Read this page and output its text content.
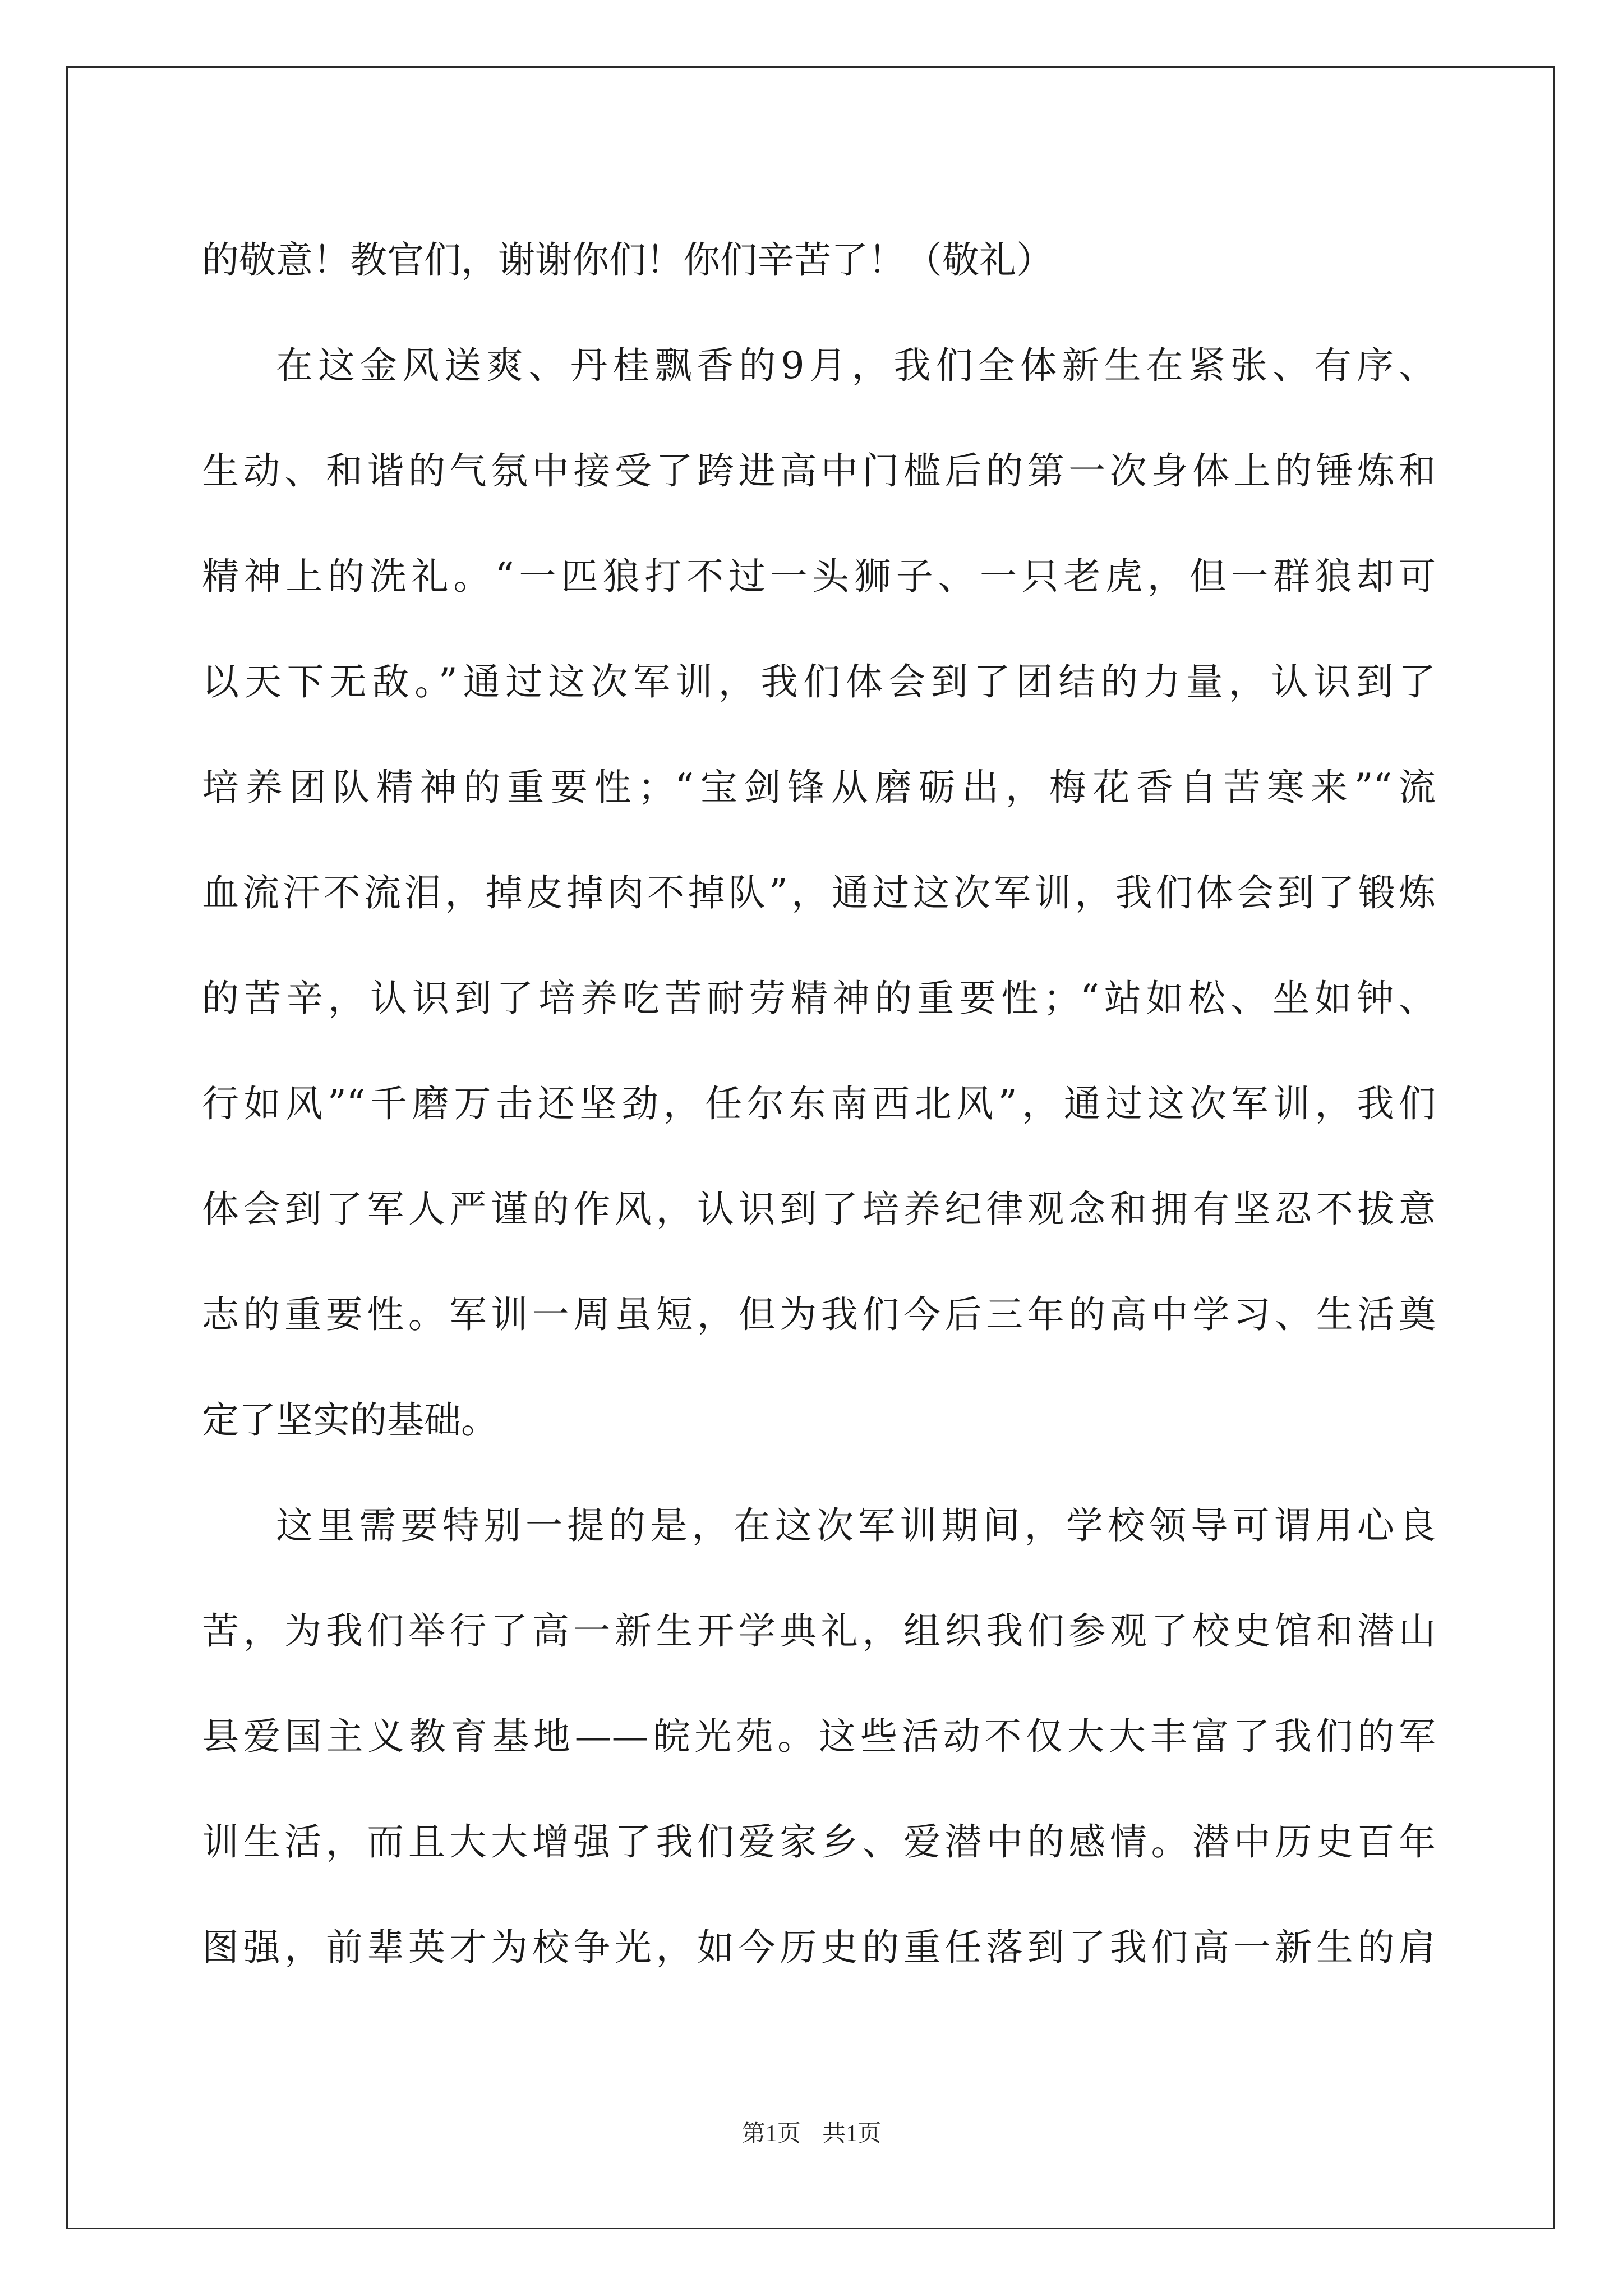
的敬意！教官们，谢谢你们！你们辛苦了！（敬礼）
在这金风送爽、丹桂飘香的9月，我们全体新生在紧张、有序、
生动、和谐的气氛中接受了跨进高中门槛后的第一次身体上的锤炼和
精神上的洗礼。“一匹狼打不过一头狮子、一只老虎，但一群狼却可
以天下无敌。”通过这次军训，我们体会到了团结的力量，认识到了
培养团队精神的重要性；“宝剑锋从磨砺出，梅花香自苦寒来”“流
血流汗不流泪，掉皮掉肉不掉队”，通过这次军训，我们体会到了锻炼
的苦辛，认识到了培养吃苦耐劳精神的重要性；“站如松、坐如钟、
行如风”“千磨万击还坚劲，任尔东南西北风”，通过这次军训，我们
体会到了军人严谨的作风，认识到了培养纪律观念和拥有坚忍不拔意
志的重要性。军训一周虽短，但为我们今后三年的高中学习、生活奠
定了坚实的基础。
这里需要特别一提的是，在这次军训期间，学校领导可谓用心良
苦，为我们举行了高一新生开学典礼，组织我们参观了校史馆和潜山
县爱国主义教育基地——皖光苑。这些活动不仅大大丰富了我们的军
训生活，而且大大增强了我们爱家乡、爱潜中的感情。潜中历史百年
图强，前辈英才为校争光，如今历史的重任落到了我们高一新生的肩
第1页 共1页
